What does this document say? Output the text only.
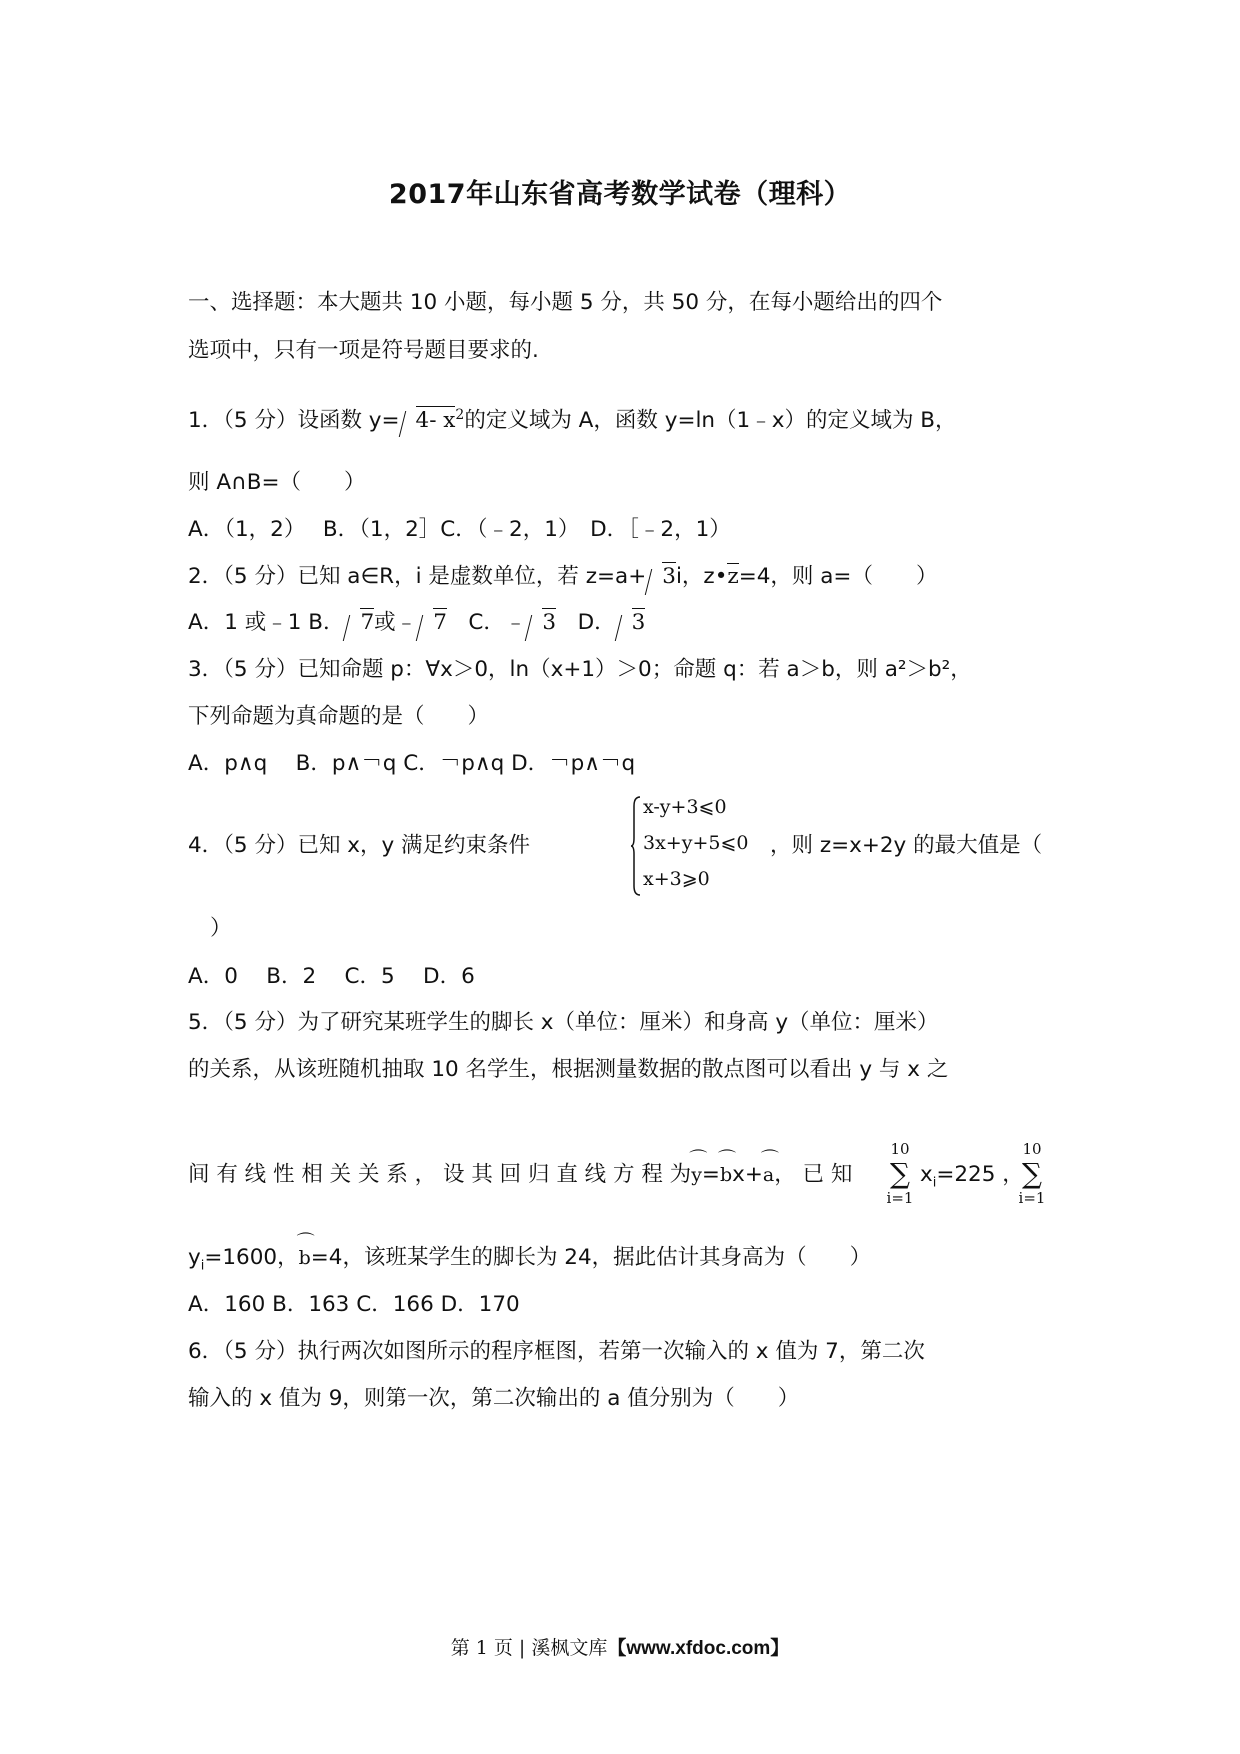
2017年山东省高考数学试卷（理科）
一、选择题：本大题共 10 小题，每小题 5 分，共 50 分，在每小题给出的四个
选项中，只有一项是符号题目要求的.
1．（5 分）设函数 y= 4- $x^2$的定义域为 A，函数 y=ln（1﹣x）的定义域为 B，
则 A∩B=（　　）
A．（1，2）　 B．（1，2］C．（﹣2，1）　D．［﹣2，1）
2．（5 分）已知 a∈R，i 是虚数单位，若 z=a+ 3i，z•z=4，则 a=（　　）
A．1 或﹣1 B． 7或﹣ 7　C．﹣ 3　D． 3
3．（5 分）已知命题 p：∀x＞0，ln（x+1）＞0；命题 q：若 a＞b，则 a²＞b²，
下列命题为真命题的是（　　）
A．p∧q　 B．p∧￢q C．￢p∧q D．￢p∧￢q
4．（5 分）已知 x，y 满足约束条件
x-y+3⩽0
3x+y+5⩽0
x+3⩾0
，则 z=x+2y 的最大值是（
）
A．0　 B．2　 C．5　 D．6
5．（5 分）为了研究某班学生的脚长 x（单位：厘米）和身高 y（单位：厘米）
的关系，从该班随机抽取 10 名学生，根据测量数据的散点图可以看出 y 与 x 之
间 有 线 性 相 关 关 系 ， 设 其 回 归 直 线 方 程 为⌒ y=⌒ bx+⌒ a， 已 知
10
∑
i=1
$x_i=225$ ，
10
∑
i=1
$y_i=1600$，⌒ b=4，该班某学生的脚长为 24，据此估计其身高为（　　）
A．160 B．163 C．166 D．170
6．（5 分）执行两次如图所示的程序框图，若第一次输入的 x 值为 7，第二次
输入的 x 值为 9，则第一次，第二次输出的 a 值分别为（　　）
第 1 页 | 溪枫文库【www.xfdoc.com】
